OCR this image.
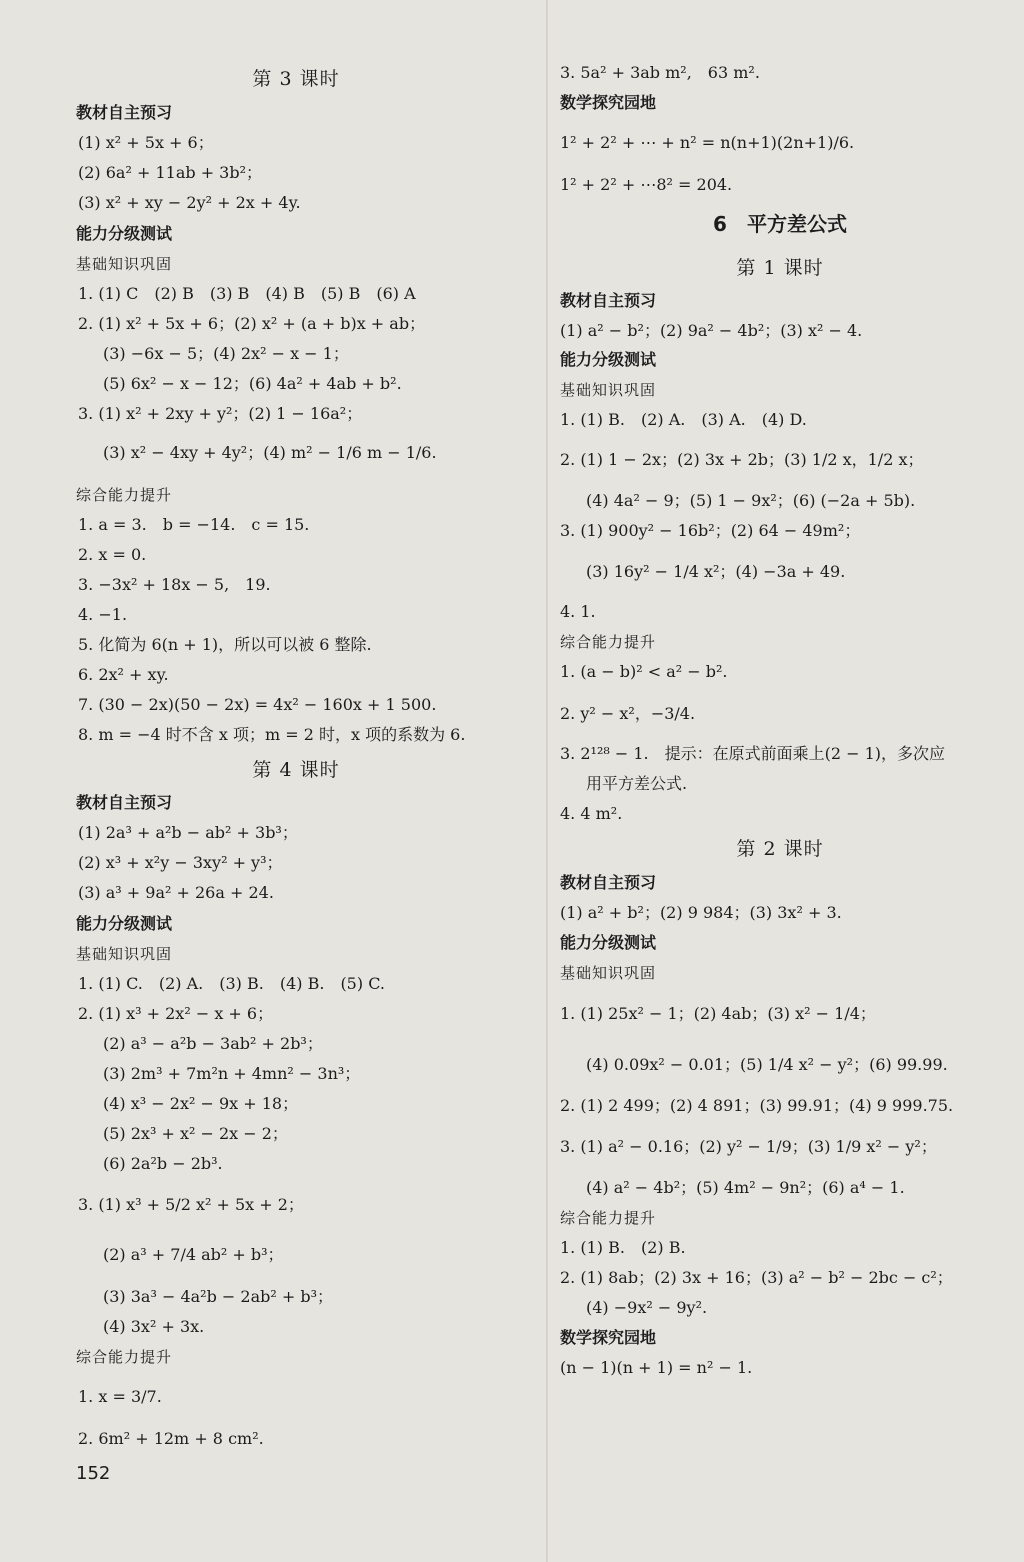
第 3 课时
教材自主预习
(1) x² + 5x + 6；
(2) 6a² + 11ab + 3b²；
(3) x² + xy − 2y² + 2x + 4y.
能力分级测试
基础知识巩固
1. (1) C　(2) B　(3) B　(4) B　(5) B　(6) A
2. (1) x² + 5x + 6；(2) x² + (a + b)x + ab；
(3) −6x − 5；(4) 2x² − x − 1；
(5) 6x² − x − 12；(6) 4a² + 4ab + b².
3. (1) x² + 2xy + y²；(2) 1 − 16a²；
(3) x² − 4xy + 4y²；(4) m² − 1/6 m − 1/6.
综合能力提升
1. a = 3.　b = −14.　c = 15.
2. x = 0.
3. −3x² + 18x − 5,　19.
4. −1.
5. 化简为 6(n + 1)，所以可以被 6 整除.
6. 2x² + xy.
7. (30 − 2x)(50 − 2x) = 4x² − 160x + 1 500.
8. m = −4 时不含 x 项；m = 2 时，x 项的系数为 6.
第 4 课时
教材自主预习
(1) 2a³ + a²b − ab² + 3b³；
(2) x³ + x²y − 3xy² + y³；
(3) a³ + 9a² + 26a + 24.
能力分级测试
基础知识巩固
1. (1) C.　(2) A.　(3) B.　(4) B.　(5) C.
2. (1) x³ + 2x² − x + 6；
(2) a³ − a²b − 3ab² + 2b³；
(3) 2m³ + 7m²n + 4mn² − 3n³；
(4) x³ − 2x² − 9x + 18；
(5) 2x³ + x² − 2x − 2；
(6) 2a²b − 2b³.
3. (1) x³ + 5/2 x² + 5x + 2；
(2) a³ + 7/4 ab² + b³；
(3) 3a³ − 4a²b − 2ab² + b³；
(4) 3x² + 3x.
综合能力提升
1. x = 3/7.
2. 6m² + 12m + 8 cm².
152
3. 5a² + 3ab m²,　63 m².
数学探究园地
1² + 2² + ⋯ + n² = n(n+1)(2n+1)/6.
1² + 2² + ⋯8² = 204.
6　平方差公式
第 1 课时
教材自主预习
(1) a² − b²；(2) 9a² − 4b²；(3) x² − 4.
能力分级测试
基础知识巩固
1. (1) B.　(2) A.　(3) A.　(4) D.
2. (1) 1 − 2x；(2) 3x + 2b；(3) 1/2 x，1/2 x；
(4) 4a² − 9；(5) 1 − 9x²；(6) (−2a + 5b).
3. (1) 900y² − 16b²；(2) 64 − 49m²；
(3) 16y² − 1/4 x²；(4) −3a + 49.
4. 1.
综合能力提升
1. (a − b)² < a² − b².
2. y² − x²，−3/4.
3. 2¹²⁸ − 1.　提示：在原式前面乘上(2 − 1)，多次应
用平方差公式.
4. 4 m².
第 2 课时
教材自主预习
(1) a² + b²；(2) 9 984；(3) 3x² + 3.
能力分级测试
基础知识巩固
1. (1) 25x² − 1；(2) 4ab；(3) x² − 1/4；
(4) 0.09x² − 0.01；(5) 1/4 x² − y²；(6) 99.99.
2. (1) 2 499；(2) 4 891；(3) 99.91；(4) 9 999.75.
3. (1) a² − 0.16；(2) y² − 1/9；(3) 1/9 x² − y²；
(4) a² − 4b²；(5) 4m² − 9n²；(6) a⁴ − 1.
综合能力提升
1. (1) B.　(2) B.
2. (1) 8ab；(2) 3x + 16；(3) a² − b² − 2bc − c²；
(4) −9x² − 9y².
数学探究园地
(n − 1)(n + 1) = n² − 1.
